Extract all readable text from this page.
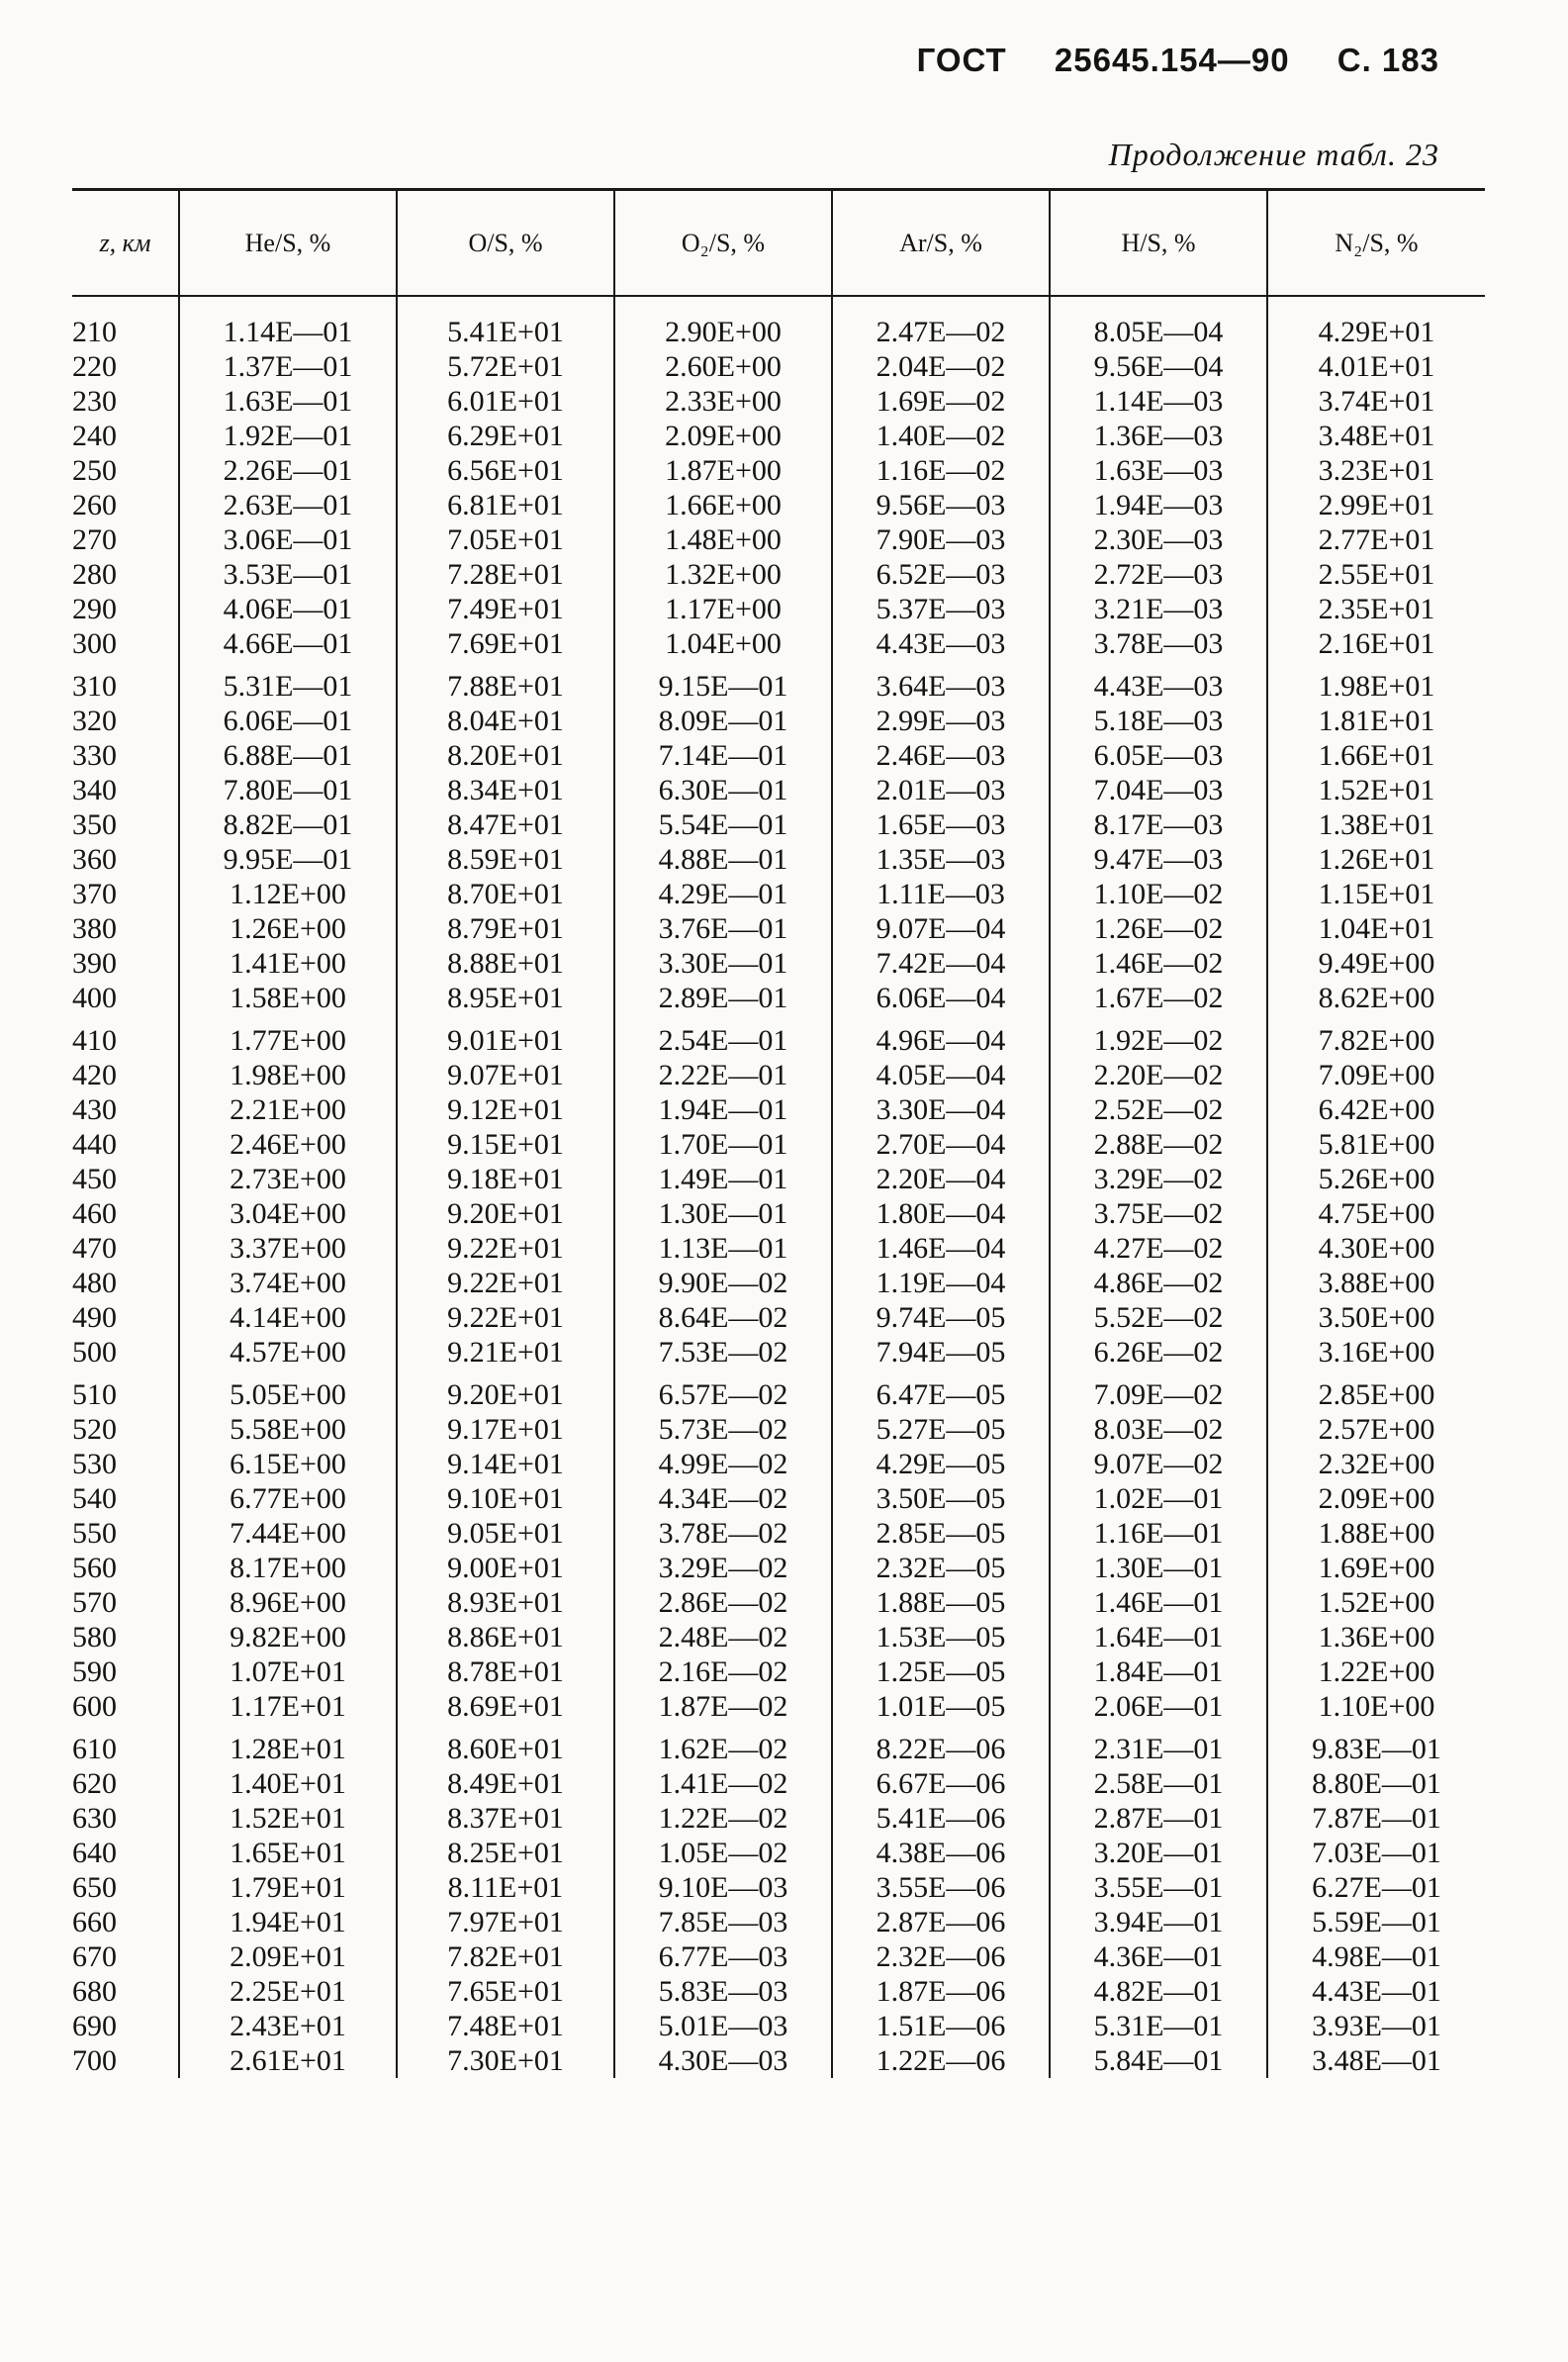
ГОСТ 25645.154—90 С. 183
Продолжение табл. 23
z, км	He/S, %	O/S, %	O₂/S, %	Ar/S, %	H/S, %	N₂/S, %

210	1.14E—01	5.41E+01	2.90E+00	2.47E—02	8.05E—04	4.29E+01
220	1.37E—01	5.72E+01	2.60E+00	2.04E—02	9.56E—04	4.01E+01
230	1.63E—01	6.01E+01	2.33E+00	1.69E—02	1.14E—03	3.74E+01
240	1.92E—01	6.29E+01	2.09E+00	1.40E—02	1.36E—03	3.48E+01
250	2.26E—01	6.56E+01	1.87E+00	1.16E—02	1.63E—03	3.23E+01
260	2.63E—01	6.81E+01	1.66E+00	9.56E—03	1.94E—03	2.99E+01
270	3.06E—01	7.05E+01	1.48E+00	7.90E—03	2.30E—03	2.77E+01
280	3.53E—01	7.28E+01	1.32E+00	6.52E—03	2.72E—03	2.55E+01
290	4.06E—01	7.49E+01	1.17E+00	5.37E—03	3.21E—03	2.35E+01
300	4.66E—01	7.69E+01	1.04E+00	4.43E—03	3.78E—03	2.16E+01
310	5.31E—01	7.88E+01	9.15E—01	3.64E—03	4.43E—03	1.98E+01
320	6.06E—01	8.04E+01	8.09E—01	2.99E—03	5.18E—03	1.81E+01
330	6.88E—01	8.20E+01	7.14E—01	2.46E—03	6.05E—03	1.66E+01
340	7.80E—01	8.34E+01	6.30E—01	2.01E—03	7.04E—03	1.52E+01
350	8.82E—01	8.47E+01	5.54E—01	1.65E—03	8.17E—03	1.38E+01
360	9.95E—01	8.59E+01	4.88E—01	1.35E—03	9.47E—03	1.26E+01
370	1.12E+00	8.70E+01	4.29E—01	1.11E—03	1.10E—02	1.15E+01
380	1.26E+00	8.79E+01	3.76E—01	9.07E—04	1.26E—02	1.04E+01
390	1.41E+00	8.88E+01	3.30E—01	7.42E—04	1.46E—02	9.49E+00
400	1.58E+00	8.95E+01	2.89E—01	6.06E—04	1.67E—02	8.62E+00
410	1.77E+00	9.01E+01	2.54E—01	4.96E—04	1.92E—02	7.82E+00
420	1.98E+00	9.07E+01	2.22E—01	4.05E—04	2.20E—02	7.09E+00
430	2.21E+00	9.12E+01	1.94E—01	3.30E—04	2.52E—02	6.42E+00
440	2.46E+00	9.15E+01	1.70E—01	2.70E—04	2.88E—02	5.81E+00
450	2.73E+00	9.18E+01	1.49E—01	2.20E—04	3.29E—02	5.26E+00
460	3.04E+00	9.20E+01	1.30E—01	1.80E—04	3.75E—02	4.75E+00
470	3.37E+00	9.22E+01	1.13E—01	1.46E—04	4.27E—02	4.30E+00
480	3.74E+00	9.22E+01	9.90E—02	1.19E—04	4.86E—02	3.88E+00
490	4.14E+00	9.22E+01	8.64E—02	9.74E—05	5.52E—02	3.50E+00
500	4.57E+00	9.21E+01	7.53E—02	7.94E—05	6.26E—02	3.16E+00
510	5.05E+00	9.20E+01	6.57E—02	6.47E—05	7.09E—02	2.85E+00
520	5.58E+00	9.17E+01	5.73E—02	5.27E—05	8.03E—02	2.57E+00
530	6.15E+00	9.14E+01	4.99E—02	4.29E—05	9.07E—02	2.32E+00
540	6.77E+00	9.10E+01	4.34E—02	3.50E—05	1.02E—01	2.09E+00
550	7.44E+00	9.05E+01	3.78E—02	2.85E—05	1.16E—01	1.88E+00
560	8.17E+00	9.00E+01	3.29E—02	2.32E—05	1.30E—01	1.69E+00
570	8.96E+00	8.93E+01	2.86E—02	1.88E—05	1.46E—01	1.52E+00
580	9.82E+00	8.86E+01	2.48E—02	1.53E—05	1.64E—01	1.36E+00
590	1.07E+01	8.78E+01	2.16E—02	1.25E—05	1.84E—01	1.22E+00
600	1.17E+01	8.69E+01	1.87E—02	1.01E—05	2.06E—01	1.10E+00
610	1.28E+01	8.60E+01	1.62E—02	8.22E—06	2.31E—01	9.83E—01
620	1.40E+01	8.49E+01	1.41E—02	6.67E—06	2.58E—01	8.80E—01
630	1.52E+01	8.37E+01	1.22E—02	5.41E—06	2.87E—01	7.87E—01
640	1.65E+01	8.25E+01	1.05E—02	4.38E—06	3.20E—01	7.03E—01
650	1.79E+01	8.11E+01	9.10E—03	3.55E—06	3.55E—01	6.27E—01
660	1.94E+01	7.97E+01	7.85E—03	2.87E—06	3.94E—01	5.59E—01
670	2.09E+01	7.82E+01	6.77E—03	2.32E—06	4.36E—01	4.98E—01
680	2.25E+01	7.65E+01	5.83E—03	1.87E—06	4.82E—01	4.43E—01
690	2.43E+01	7.48E+01	5.01E—03	1.51E—06	5.31E—01	3.93E—01
700	2.61E+01	7.30E+01	4.30E—03	1.22E—06	5.84E—01	3.48E—01
